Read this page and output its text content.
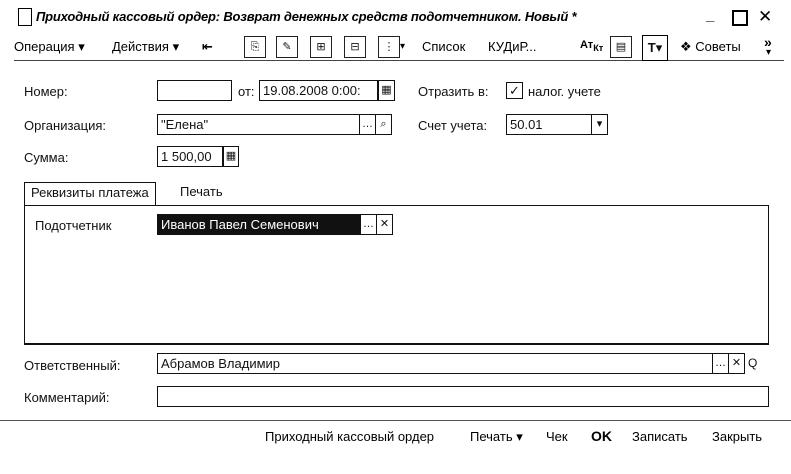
Приходный кассовый ордер: Возврат денежных средств подотчетником. Новый *	_	✕
Операция ▾ Действия ▾ ⇤	⎘	✎	⊞	⊟	⋮ ▾ Список КУДиР...	$Ат_{Кт}$	▤	T▾	❖ Советы »
▾
Номер:	от: 19.08.2008 0:00:	▦ Отразить в: ✓ налог. учете
Организация:	"Елена"	… ⌕	Счет учета:	50.01	▾
Сумма:	1 500,00	▦
Реквизиты платежа	Печать
Подотчетник	Иванов Павел Семенович	… ✕
Ответственный:	Абрамов Владимир	… ✕ Q
Комментарий:
Приходный кассовый ордер	Печать ▾ Чек OK Записать Закрыть
